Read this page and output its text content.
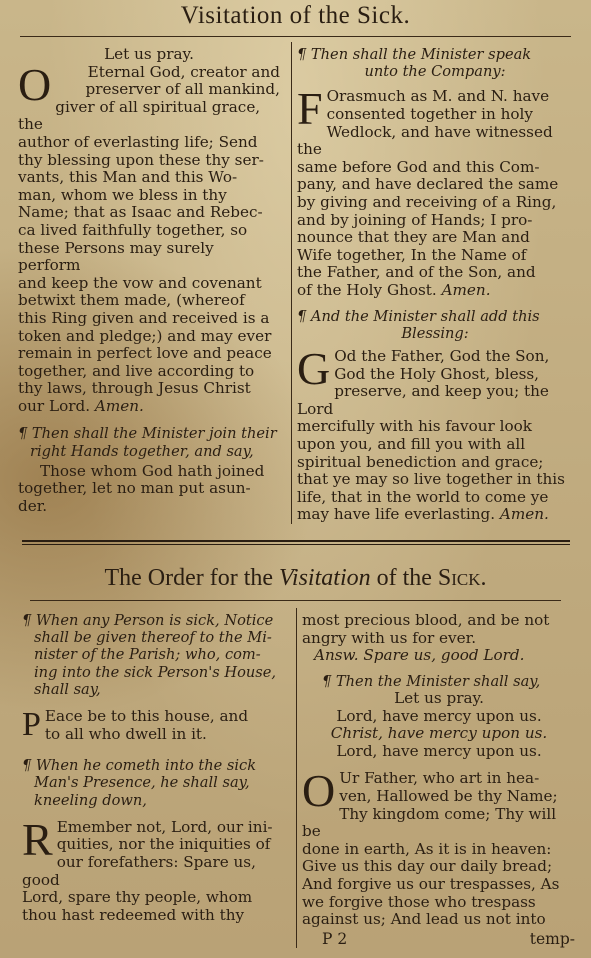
Visitation of the Sick.
Let us pray.
O	Eternal God, creator and

preserver of all mankind,

giver of all spiritual grace, the

author of everlasting life; Send

thy blessing upon these thy ser-

vants, this Man and this Wo-

man, whom we bless in thy

Name; that as Isaac and Rebec-

ca lived faithfully together, so

these Persons may surely perform

and keep the vow and covenant

betwixt them made, (whereof

this Ring given and received is a

token and pledge;) and may ever

remain in perfect love and peace

together, and live according to

thy laws, through Jesus Christ

our Lord. Amen.

¶ Then shall the Minister join their

right Hands together, and say,

Those whom God hath joined

together, let no man put asun-

der.

¶ Then shall the Minister speak

unto the Company:

F Orasmuch as M. and N. have

consented together in holy

Wedlock, and have witnessed the

same before God and this Com-

pany, and have declared the same

by giving and receiving of a Ring,

and by joining of Hands; I pro-

nounce that they are Man and

Wife together, In the Name of

the Father, and of the Son, and

of the Holy Ghost. Amen.

¶ And the Minister shall add this

Blessing:

G Od the Father, God the Son,

God the Holy Ghost, bless,

preserve, and keep you; the Lord

mercifully with his favour look

upon you, and fill you with all

spiritual benediction and grace;

that ye may so live together in this

life, that in the world to come ye

may have life everlasting. Amen.

The Order for the Visitation of the Sick.

¶ When any Person is sick, Notice

shall be given thereof to the Mi-

nister of the Parish; who, com-

ing into the sick Person's House,

shall say,

P Eace be to this house, and

to all who dwell in it.

¶ When he cometh into the sick

Man's Presence, he shall say,

kneeling down,

R Emember not, Lord, our ini-

quities, nor the iniquities of

our forefathers: Spare us, good

Lord, spare thy people, whom

thou hast redeemed with thy

most precious blood, and be not

angry with us for ever.

Answ. Spare us, good Lord.

¶ Then the Minister shall say,

Let us pray.

Lord, have mercy upon us.

Christ, have mercy upon us.

Lord, have mercy upon us.

O Ur Father, who art in hea-

ven, Hallowed be thy Name;

Thy kingdom come; Thy will be

done in earth, As it is in heaven:

Give us this day our daily bread;

And forgive us our trespasses, As

we forgive those who trespass

against us; And lead us not into

P 2	temp-
